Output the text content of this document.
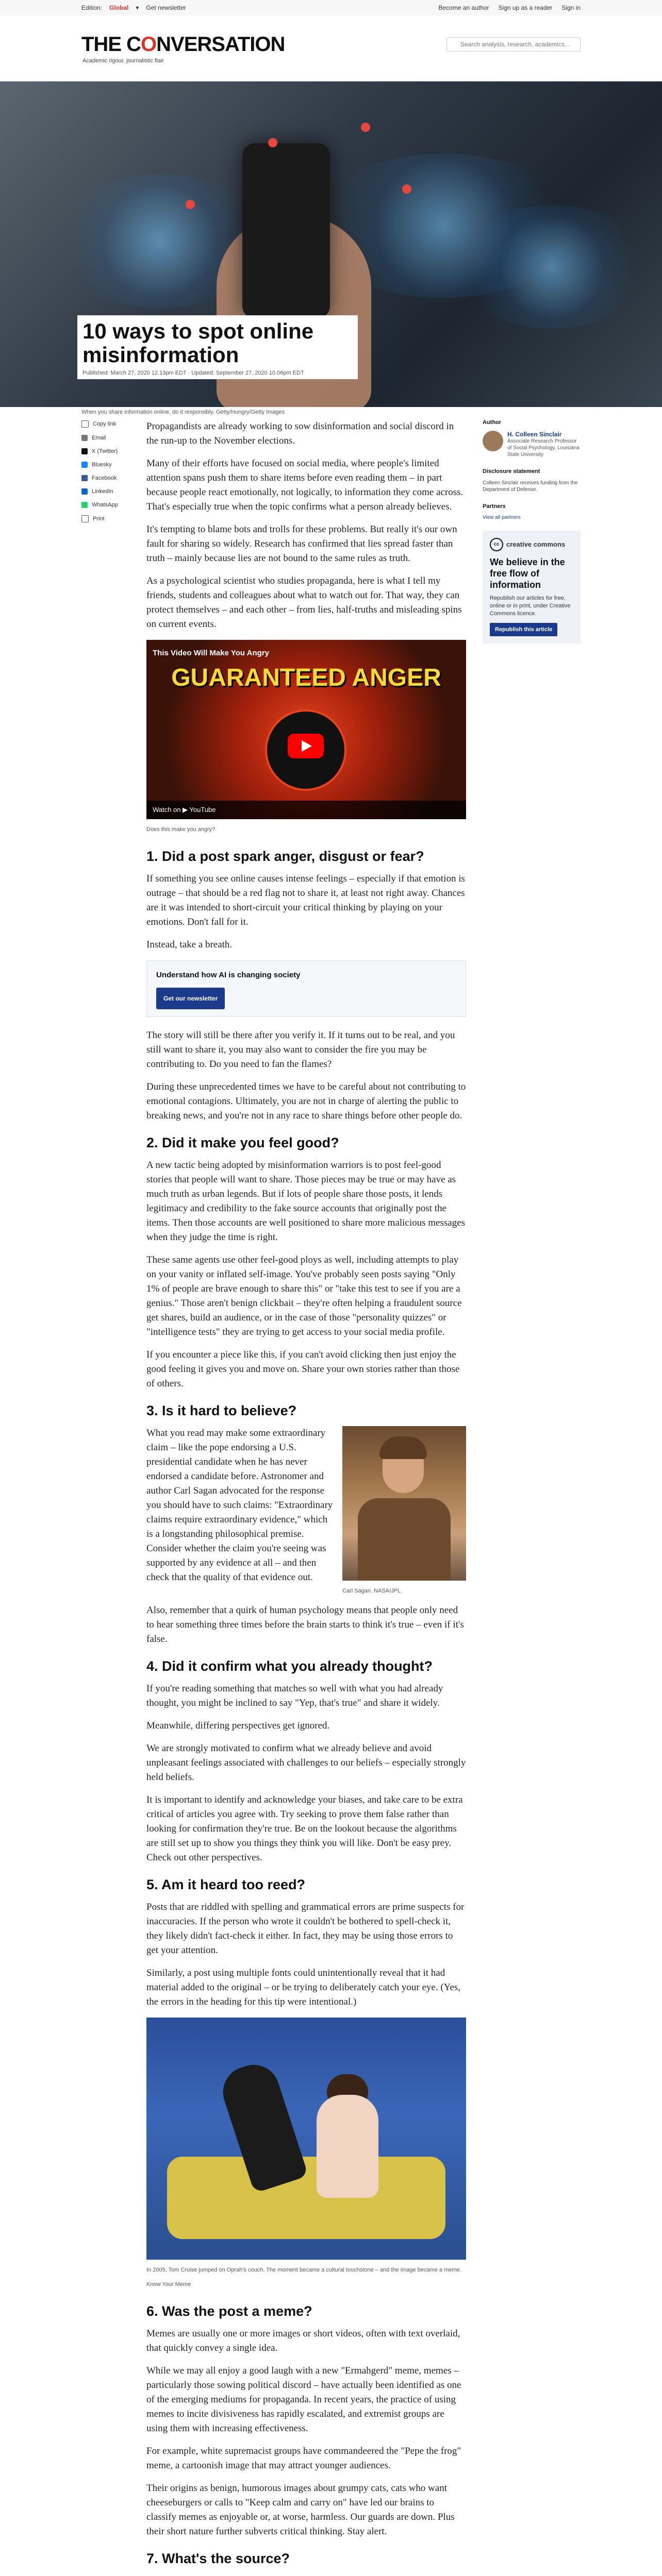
Edition: Global ▾ Get newsletter	Become an author Sign up as a reader Sign in
THE CONVERSATION
Academic rigour, journalistic flair
Search analysis, research, academics...
10 ways to spot online misinformation
Published: March 27, 2020 12.13pm EDT · Updated: September 27, 2020 10.06pm EDT
When you share information online, do it responsibly. Getty/Hungry/Getty Images
Copy link
Email
X (Twitter)
Bluesky
Facebook
LinkedIn
WhatsApp
Print

Propagandists are already working to sow disinformation and social discord in the run-up to the November elections.

Many of their efforts have focused on social media, where people's limited attention spans push them to share items before even reading them – in part because people react emotionally, not logically, to information they come across. That's especially true when the topic confirms what a person already believes.

It's tempting to blame bots and trolls for these problems. But really it's our own fault for sharing so widely. Research has confirmed that lies spread faster than truth – mainly because lies are not bound to the same rules as truth.

As a psychological scientist who studies propaganda, here is what I tell my friends, students and colleagues about what to watch out for. That way, they can protect themselves – and each other – from lies, half-truths and misleading spins on current events.

This Video Will Make You Angry
GUARANTEED ANGER
Watch on ▶ YouTube
Does this make you angry?
1. Did a post spark anger, disgust or fear?

If something you see online causes intense feelings – especially if that emotion is outrage – that should be a red flag not to share it, at least not right away. Chances are it was intended to short-circuit your critical thinking by playing on your emotions. Don't fall for it.

Instead, take a breath.

Understand how AI is changing society
Get our newsletter

The story will still be there after you verify it. If it turns out to be real, and you still want to share it, you may also want to consider the fire you may be contributing to. Do you need to fan the flames?

During these unprecedented times we have to be careful about not contributing to emotional contagions. Ultimately, you are not in charge of alerting the public to breaking news, and you're not in any race to share things before other people do.

2. Did it make you feel good?

A new tactic being adopted by misinformation warriors is to post feel-good stories that people will want to share. Those pieces may be true or may have as much truth as urban legends. But if lots of people share those posts, it lends legitimacy and credibility to the fake source accounts that originally post the items. Then those accounts are well positioned to share more malicious messages when they judge the time is right.

These same agents use other feel-good ploys as well, including attempts to play on your vanity or inflated self-image. You've probably seen posts saying "Only 1% of people are brave enough to share this" or "take this test to see if you are a genius." Those aren't benign clickbait – they're often helping a fraudulent source get shares, build an audience, or in the case of those "personality quizzes" or "intelligence tests" they are trying to get access to your social media profile.

If you encounter a piece like this, if you can't avoid clicking then just enjoy the good feeling it gives you and move on. Share your own stories rather than those of others.

3. Is it hard to believe?
Carl Sagan. NASA/JPL

What you read may make some extraordinary claim – like the pope endorsing a U.S. presidential candidate when he has never endorsed a candidate before. Astronomer and author Carl Sagan advocated for the response you should have to such claims: "Extraordinary claims require extraordinary evidence," which is a longstanding philosophical premise. Consider whether the claim you're seeing was supported by any evidence at all – and then check that the quality of that evidence out.

Also, remember that a quirk of human psychology means that people only need to hear something three times before the brain starts to think it's true – even if it's false.

4. Did it confirm what you already thought?

If you're reading something that matches so well with what you had already thought, you might be inclined to say "Yep, that's true" and share it widely.

Meanwhile, differing perspectives get ignored.

We are strongly motivated to confirm what we already believe and avoid unpleasant feelings associated with challenges to our beliefs – especially strongly held beliefs.

It is important to identify and acknowledge your biases, and take care to be extra critical of articles you agree with. Try seeking to prove them false rather than looking for confirmation they're true. Be on the lookout because the algorithms are still set up to show you things they think you will like. Don't be easy prey. Check out other perspectives.

5. Am it heard too reed?

Posts that are riddled with spelling and grammatical errors are prime suspects for inaccuracies. If the person who wrote it couldn't be bothered to spell-check it, they likely didn't fact-check it either. In fact, they may be using those errors to get your attention.

Similarly, a post using multiple fonts could unintentionally reveal that it had material added to the original – or be trying to deliberately catch your eye. (Yes, the errors in the heading for this tip were intentional.)

In 2005, Tom Cruise jumped on Oprah's couch. The moment became a cultural touchstone – and the image became a meme. Know Your Meme
6. Was the post a meme?

Memes are usually one or more images or short videos, often with text overlaid, that quickly convey a single idea.

While we may all enjoy a good laugh with a new "Ermahgerd" meme, memes – particularly those sowing political discord – have actually been identified as one of the emerging mediums for propaganda. In recent years, the practice of using memes to incite divisiveness has rapidly escalated, and extremist groups are using them with increasing effectiveness.

For example, white supremacist groups have commandeered the "Pepe the frog" meme, a cartoonish image that may attract younger audiences.

Their origins as benign, humorous images about grumpy cats, cats who want cheeseburgers or calls to "Keep calm and carry on" have led our brains to classify memes as enjoyable or, at worse, harmless. Our guards are down. Plus their short nature further subverts critical thinking. Stay alert.

7. What's the source?

Author
H. Colleen Sinclair
Associate Research Professor of Social Psychology, Louisiana State University
Disclosure statement
Colleen Sinclair receives funding from the Department of Defense.
Partners
View all partners
cc	creative commons
We believe in the free flow of information
Republish our articles for free, online or in print, under Creative Commons licence.
Republish this article
